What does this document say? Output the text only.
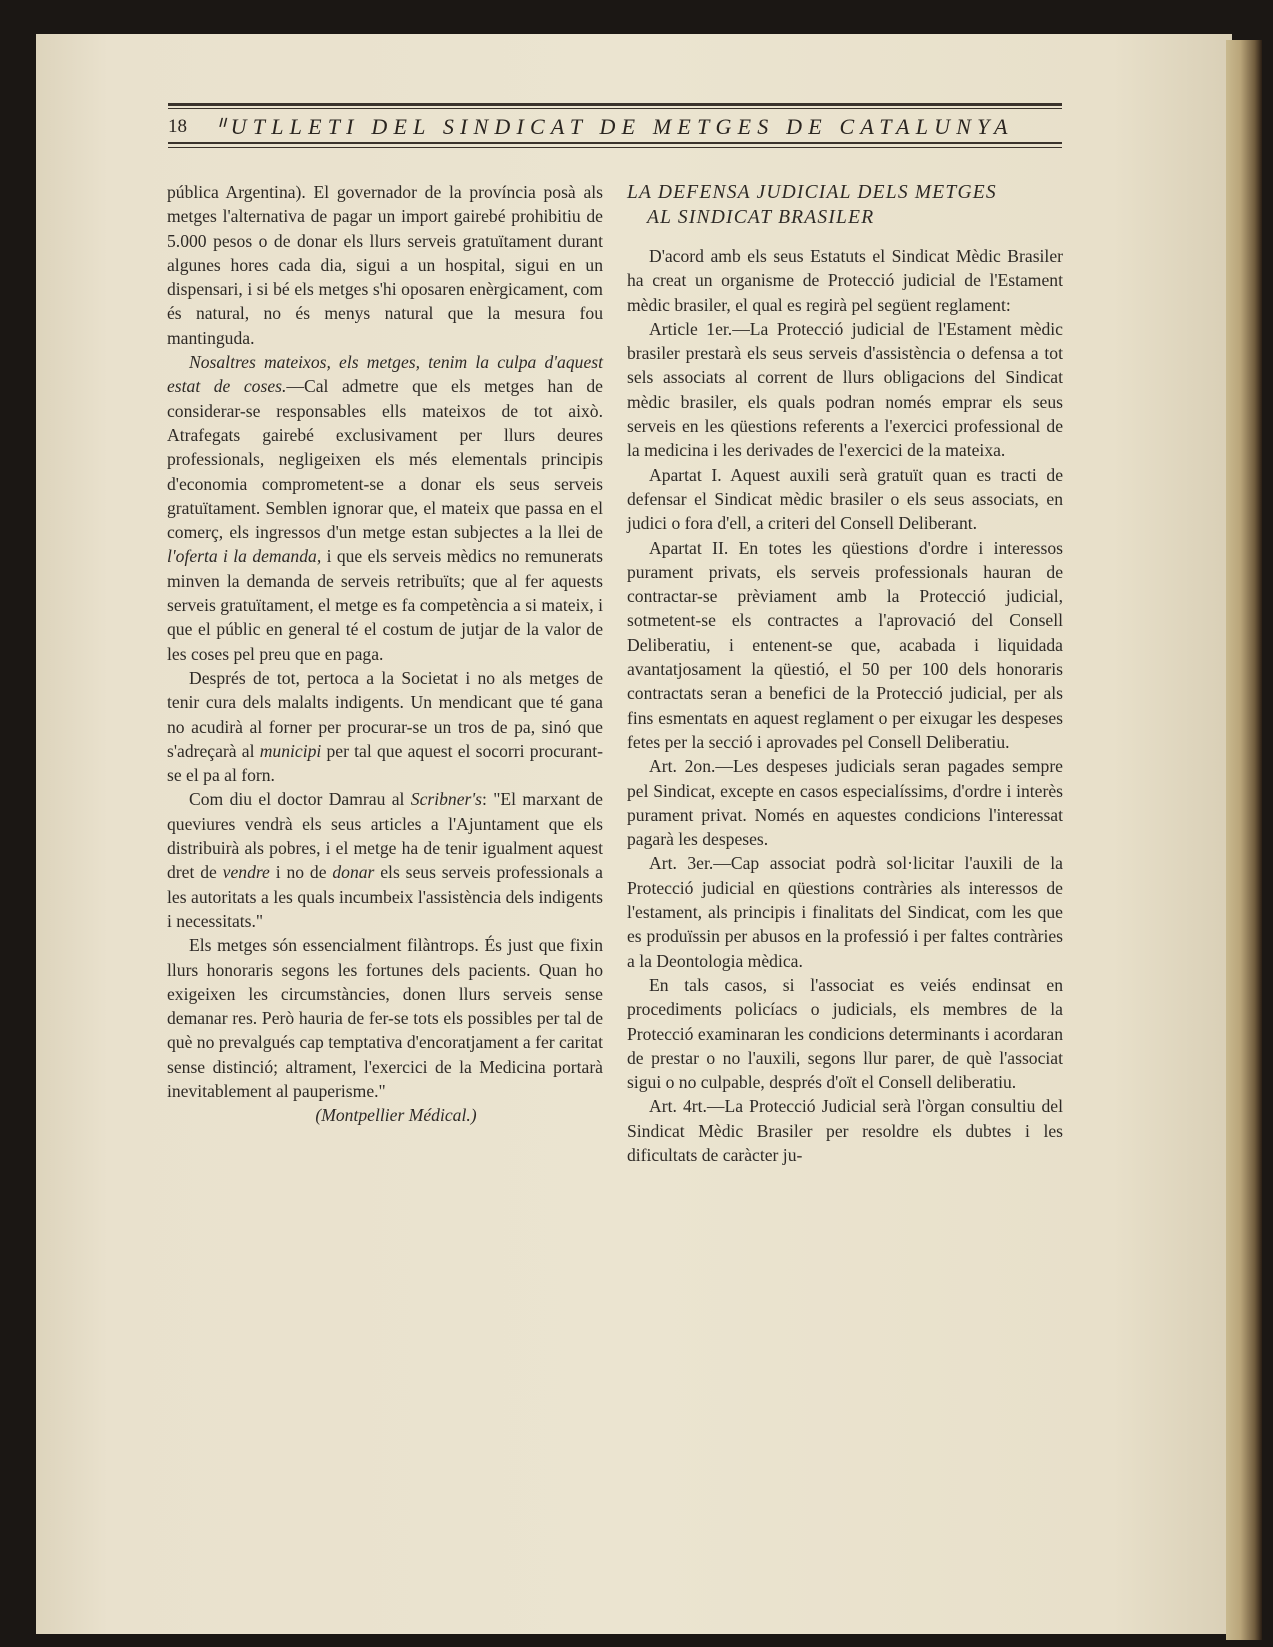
18	ᐦUTLLETI DEL SINDICAT DE METGES DE CATALUNYA

pública Argentina). El governador de la província posà als metges l'alternativa de pagar un import gairebé prohibitiu de 5.000 pesos o de donar els llurs serveis gratuïtament durant algunes hores cada dia, sigui a un hospital, sigui en un dispensari, i si bé els metges s'hi oposaren enèrgicament, com és natural, no és menys natural que la mesura fou mantinguda.

Nosaltres mateixos, els metges, tenim la culpa d'aquest estat de coses.—Cal admetre que els metges han de considerar-se responsables ells mateixos de tot això. Atrafegats gairebé exclusivament per llurs deures professionals, negligeixen els més elementals principis d'economia comprometent-se a donar els seus serveis gratuïtament. Semblen ignorar que, el mateix que passa en el comerç, els ingressos d'un metge estan subjectes a la llei de l'oferta i la demanda, i que els serveis mèdics no remunerats minven la demanda de serveis retribuïts; que al fer aquests serveis gratuïtament, el metge es fa competència a si mateix, i que el públic en general té el costum de jutjar de la valor de les coses pel preu que en paga.

Després de tot, pertoca a la Societat i no als metges de tenir cura dels malalts indigents. Un mendicant que té gana no acudirà al forner per procurar-se un tros de pa, sinó que s'adreçarà al municipi per tal que aquest el socorri procurant-se el pa al forn.

Com diu el doctor Damrau al Scribner's: "El marxant de queviures vendrà els seus articles a l'Ajuntament que els distribuirà als pobres, i el metge ha de tenir igualment aquest dret de vendre i no de donar els seus serveis professionals a les autoritats a les quals incumbeix l'assistència dels indigents i necessitats."

Els metges són essencialment filàntrops. És just que fixin llurs honoraris segons les fortunes dels pacients. Quan ho exigeixen les circumstàncies, donen llurs serveis sense demanar res. Però hauria de fer-se tots els possibles per tal de què no prevalgués cap temptativa d'encoratjament a fer caritat sense distinció; altrament, l'exercici de la Medicina portarà inevitablement al pauperisme."

(Montpellier Médical.)

LA DEFENSA JUDICIAL DELS METGES
AL SINDICAT BRASILER

D'acord amb els seus Estatuts el Sindicat Mèdic Brasiler ha creat un organisme de Protecció judicial de l'Estament mèdic brasiler, el qual es regirà pel següent reglament:

Article 1er.—La Protecció judicial de l'Estament mèdic brasiler prestarà els seus serveis d'assistència o defensa a tot sels associats al corrent de llurs obligacions del Sindicat mèdic brasiler, els quals podran només emprar els seus serveis en les qüestions referents a l'exercici professional de la medicina i les derivades de l'exercici de la mateixa.

Apartat I. Aquest auxili serà gratuït quan es tracti de defensar el Sindicat mèdic brasiler o els seus associats, en judici o fora d'ell, a criteri del Consell Deliberant.

Apartat II. En totes les qüestions d'ordre i interessos purament privats, els serveis professionals hauran de contractar-se prèviament amb la Protecció judicial, sotmetent-se els contractes a l'aprovació del Consell Deliberatiu, i entenent-se que, acabada i liquidada avantatjosament la qüestió, el 50 per 100 dels honoraris contractats seran a benefici de la Protecció judicial, per als fins esmentats en aquest reglament o per eixugar les despeses fetes per la secció i aprovades pel Consell Deliberatiu.

Art. 2on.—Les despeses judicials seran pagades sempre pel Sindicat, excepte en casos especialíssims, d'ordre i interès purament privat. Només en aquestes condicions l'interessat pagarà les despeses.

Art. 3er.—Cap associat podrà sol·licitar l'auxili de la Protecció judicial en qüestions contràries als interessos de l'estament, als principis i finalitats del Sindicat, com les que es produïssin per abusos en la professió i per faltes contràries a la Deontologia mèdica.

En tals casos, si l'associat es veiés endinsat en procediments policíacs o judicials, els membres de la Protecció examinaran les condicions determinants i acordaran de prestar o no l'auxili, segons llur parer, de què l'associat sigui o no culpable, després d'oït el Consell deliberatiu.

Art. 4rt.—La Protecció Judicial serà l'òrgan consultiu del Sindicat Mèdic Brasiler per resoldre els dubtes i les dificultats de caràcter ju-
